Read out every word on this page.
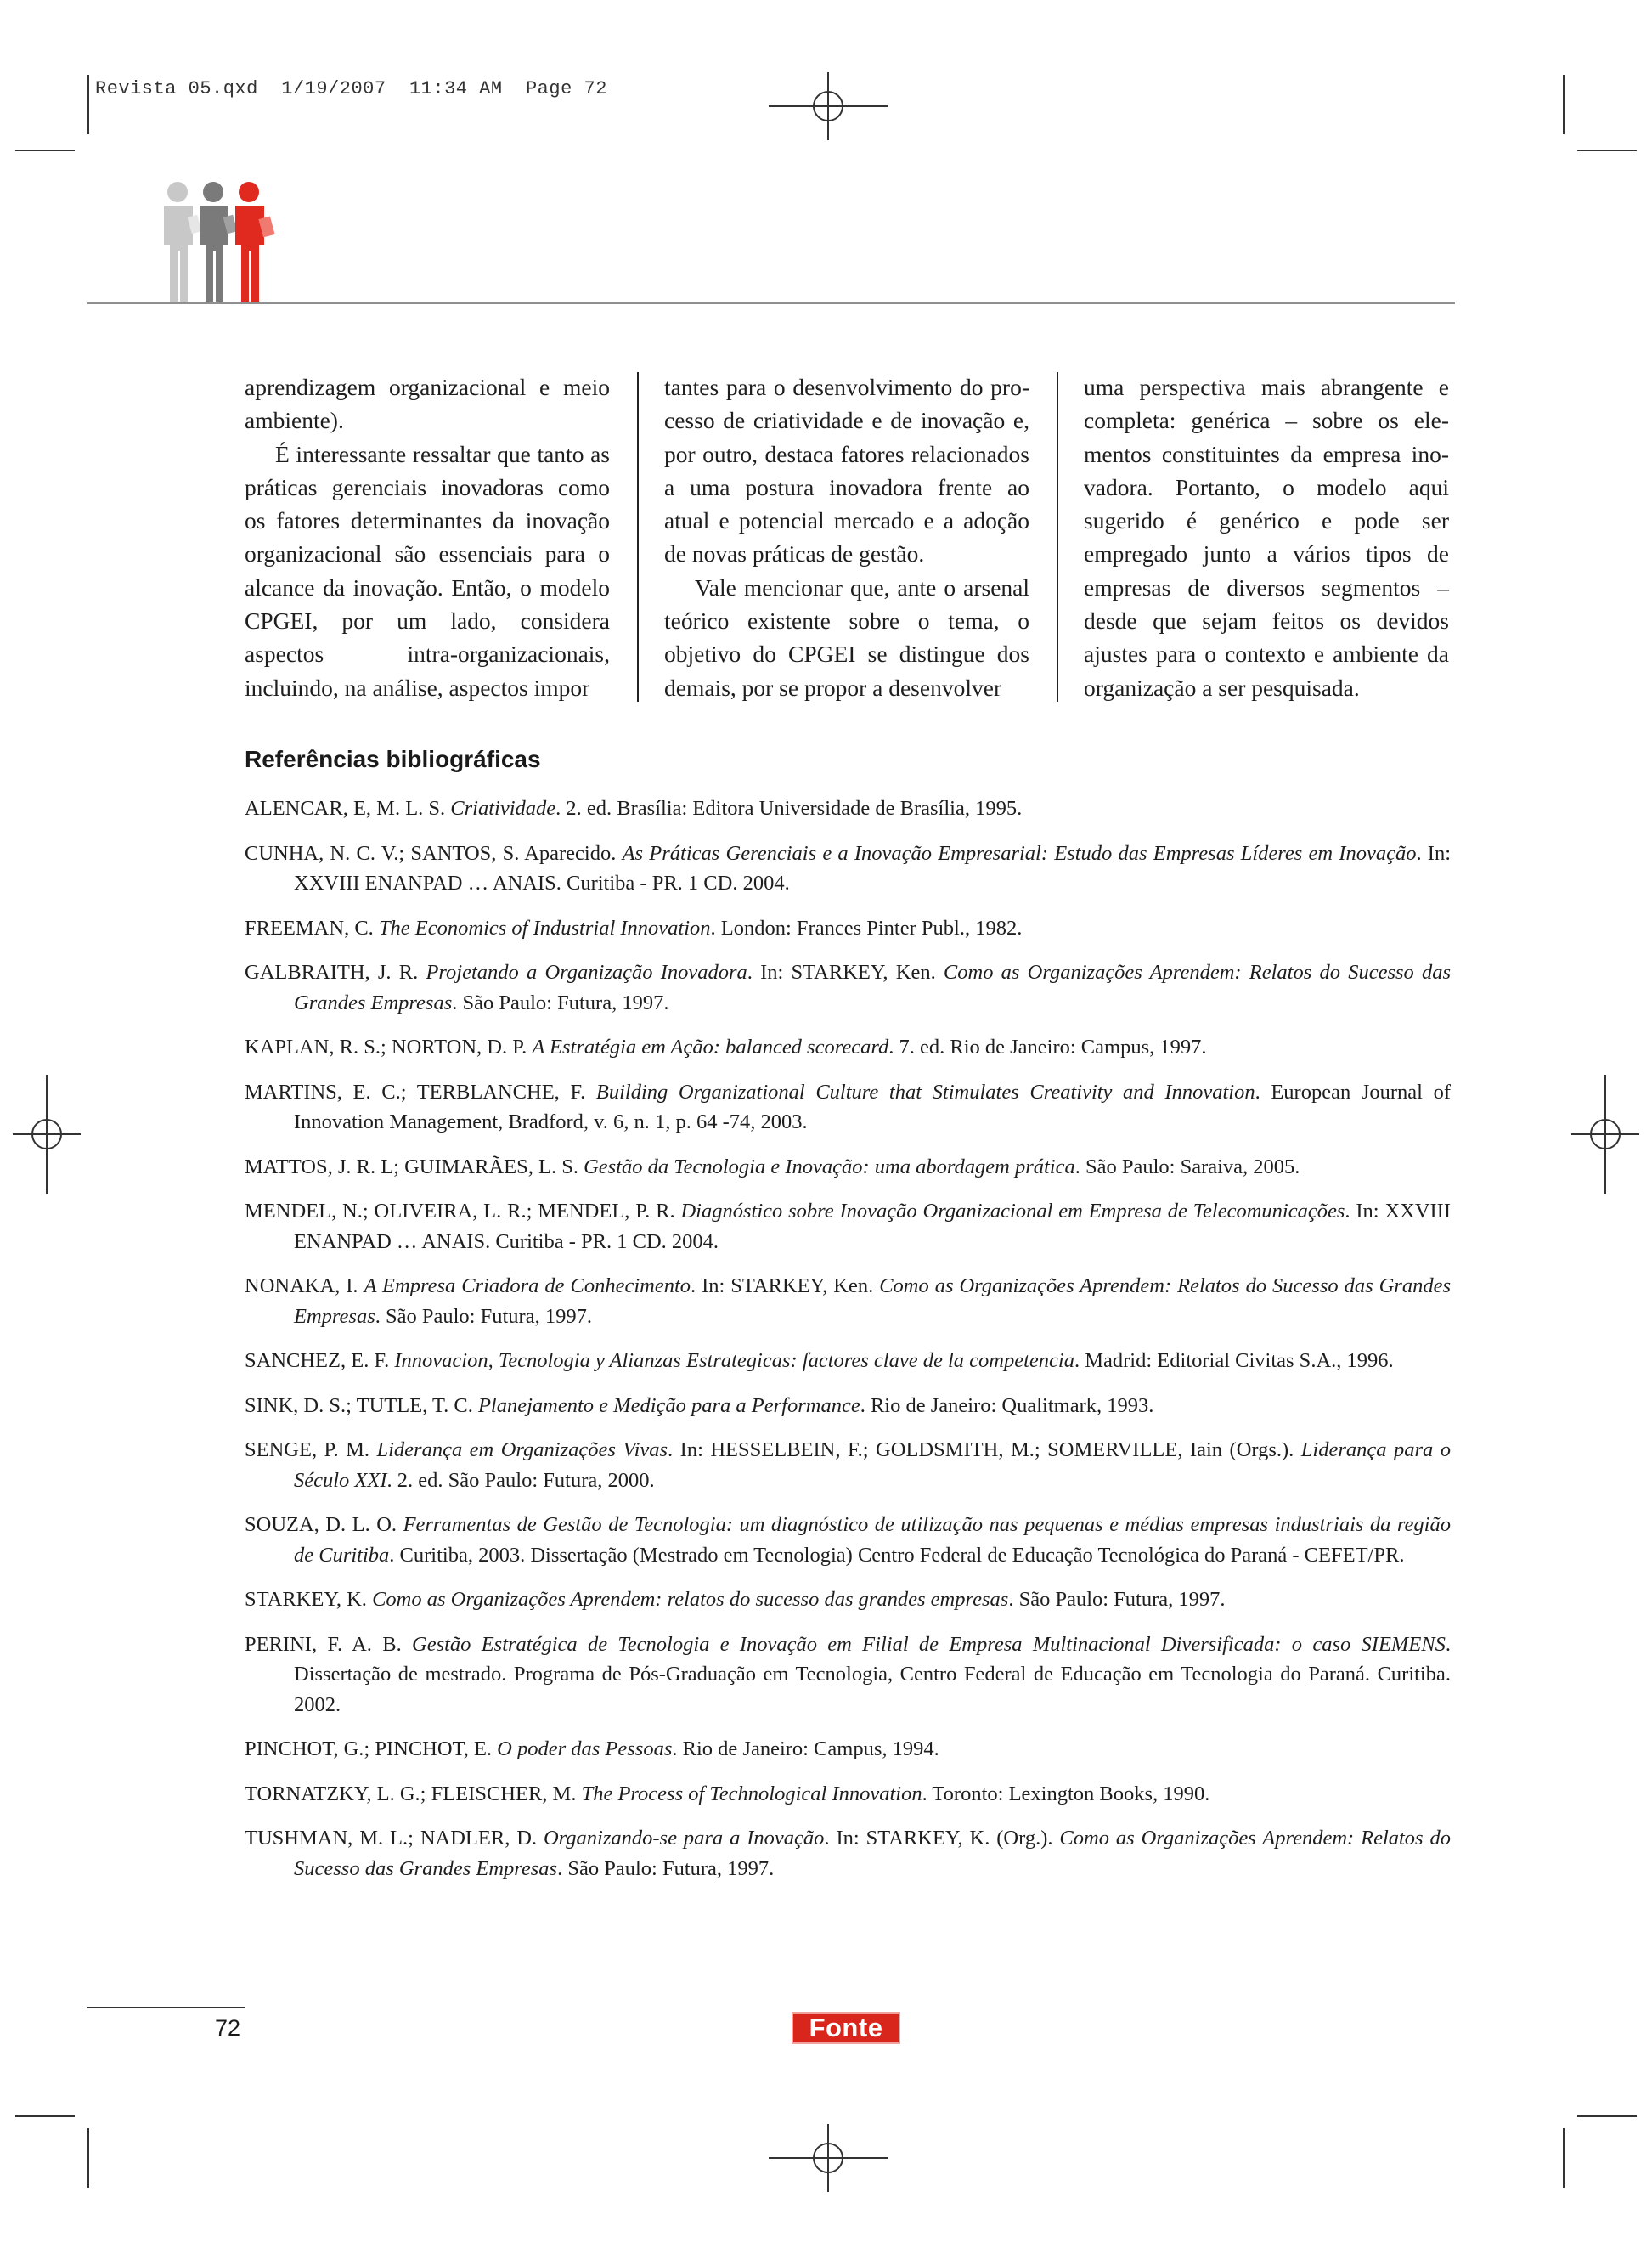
Revista 05.qxd  1/19/2007  11:34 AM  Page 72

aprendizagem organizacional e meio ambiente).

É interessante ressaltar que tanto as práticas gerenciais inovadoras como os fatores determinantes da inovação organizacional são essenciais para o alcance da inovação. Então, o modelo CPGEI, por um lado, considera aspectos intra-organizacionais, incluindo, na análise, aspectos impor

tantes para o desenvolvimento do processo de criatividade e de inovação e, por outro, destaca fatores relacionados a uma postura inovadora frente ao atual e potencial mercado e a adoção de novas práticas de gestão.

Vale mencionar que, ante o arsenal teórico existente sobre o tema, o objetivo do CPGEI se distingue dos demais, por se propor a desenvolver

uma perspectiva mais abrangente e completa: genérica – sobre os elementos constituintes da empresa inovadora. Portanto, o modelo aqui sugerido é genérico e pode ser empregado junto a vários tipos de empresas de diversos segmentos – desde que sejam feitos os devidos ajustes para o contexto e ambiente da organização a ser pesquisada.

Referências bibliográficas
ALENCAR, E, M. L. S. Criatividade. 2. ed. Brasília: Editora Universidade de Brasília, 1995.
CUNHA, N. C. V.; SANTOS, S. Aparecido. As Práticas Gerenciais e a Inovação Empresarial: Estudo das Empresas Líderes em Inovação. In: XXVIII ENANPAD … ANAIS. Curitiba - PR. 1 CD. 2004.
FREEMAN, C. The Economics of Industrial Innovation. London: Frances Pinter Publ., 1982.
GALBRAITH, J. R. Projetando a Organização Inovadora. In: STARKEY, Ken. Como as Organizações Aprendem: Relatos do Sucesso das Grandes Empresas. São Paulo: Futura, 1997.
KAPLAN, R. S.; NORTON, D. P. A Estratégia em Ação: balanced scorecard. 7. ed. Rio de Janeiro: Campus, 1997.
MARTINS, E. C.; TERBLANCHE, F. Building Organizational Culture that Stimulates Creativity and Innovation. European Journal of Innovation Management, Bradford, v. 6, n. 1, p. 64 -74, 2003.
MATTOS, J. R. L; GUIMARÃES, L. S. Gestão da Tecnologia e Inovação: uma abordagem prática. São Paulo: Saraiva, 2005.
MENDEL, N.; OLIVEIRA, L. R.; MENDEL, P. R. Diagnóstico sobre Inovação Organizacional em Empresa de Telecomunicações. In: XXVIII ENANPAD … ANAIS. Curitiba - PR. 1 CD. 2004.
NONAKA, I. A Empresa Criadora de Conhecimento. In: STARKEY, Ken. Como as Organizações Aprendem: Relatos do Sucesso das Grandes Empresas. São Paulo: Futura, 1997.
SANCHEZ, E. F. Innovacion, Tecnologia y Alianzas Estrategicas: factores clave de la competencia. Madrid: Editorial Civitas S.A., 1996.
SINK, D. S.; TUTLE, T. C. Planejamento e Medição para a Performance. Rio de Janeiro: Qualitmark, 1993.
SENGE, P. M. Liderança em Organizações Vivas. In: HESSELBEIN, F.; GOLDSMITH, M.; SOMERVILLE, Iain (Orgs.). Liderança para o Século XXI. 2. ed. São Paulo: Futura, 2000.
SOUZA, D. L. O. Ferramentas de Gestão de Tecnologia: um diagnóstico de utilização nas pequenas e médias empresas industriais da região de Curitiba. Curitiba, 2003. Dissertação (Mestrado em Tecnologia) Centro Federal de Educação Tecnológica do Paraná - CEFET/PR.
STARKEY, K. Como as Organizações Aprendem: relatos do sucesso das grandes empresas. São Paulo: Futura, 1997.
PERINI, F. A. B. Gestão Estratégica de Tecnologia e Inovação em Filial de Empresa Multinacional Diversificada: o caso SIEMENS. Dissertação de mestrado. Programa de Pós-Graduação em Tecnologia, Centro Federal de Educação em Tecnologia do Paraná. Curitiba. 2002.
PINCHOT, G.; PINCHOT, E. O poder das Pessoas. Rio de Janeiro: Campus, 1994.
TORNATZKY, L. G.; FLEISCHER, M. The Process of Technological Innovation. Toronto: Lexington Books, 1990.
TUSHMAN, M. L.; NADLER, D. Organizando-se para a Inovação. In: STARKEY, K. (Org.). Como as Organizações Aprendem: Relatos do Sucesso das Grandes Empresas. São Paulo: Futura, 1997.
72	Fonte
